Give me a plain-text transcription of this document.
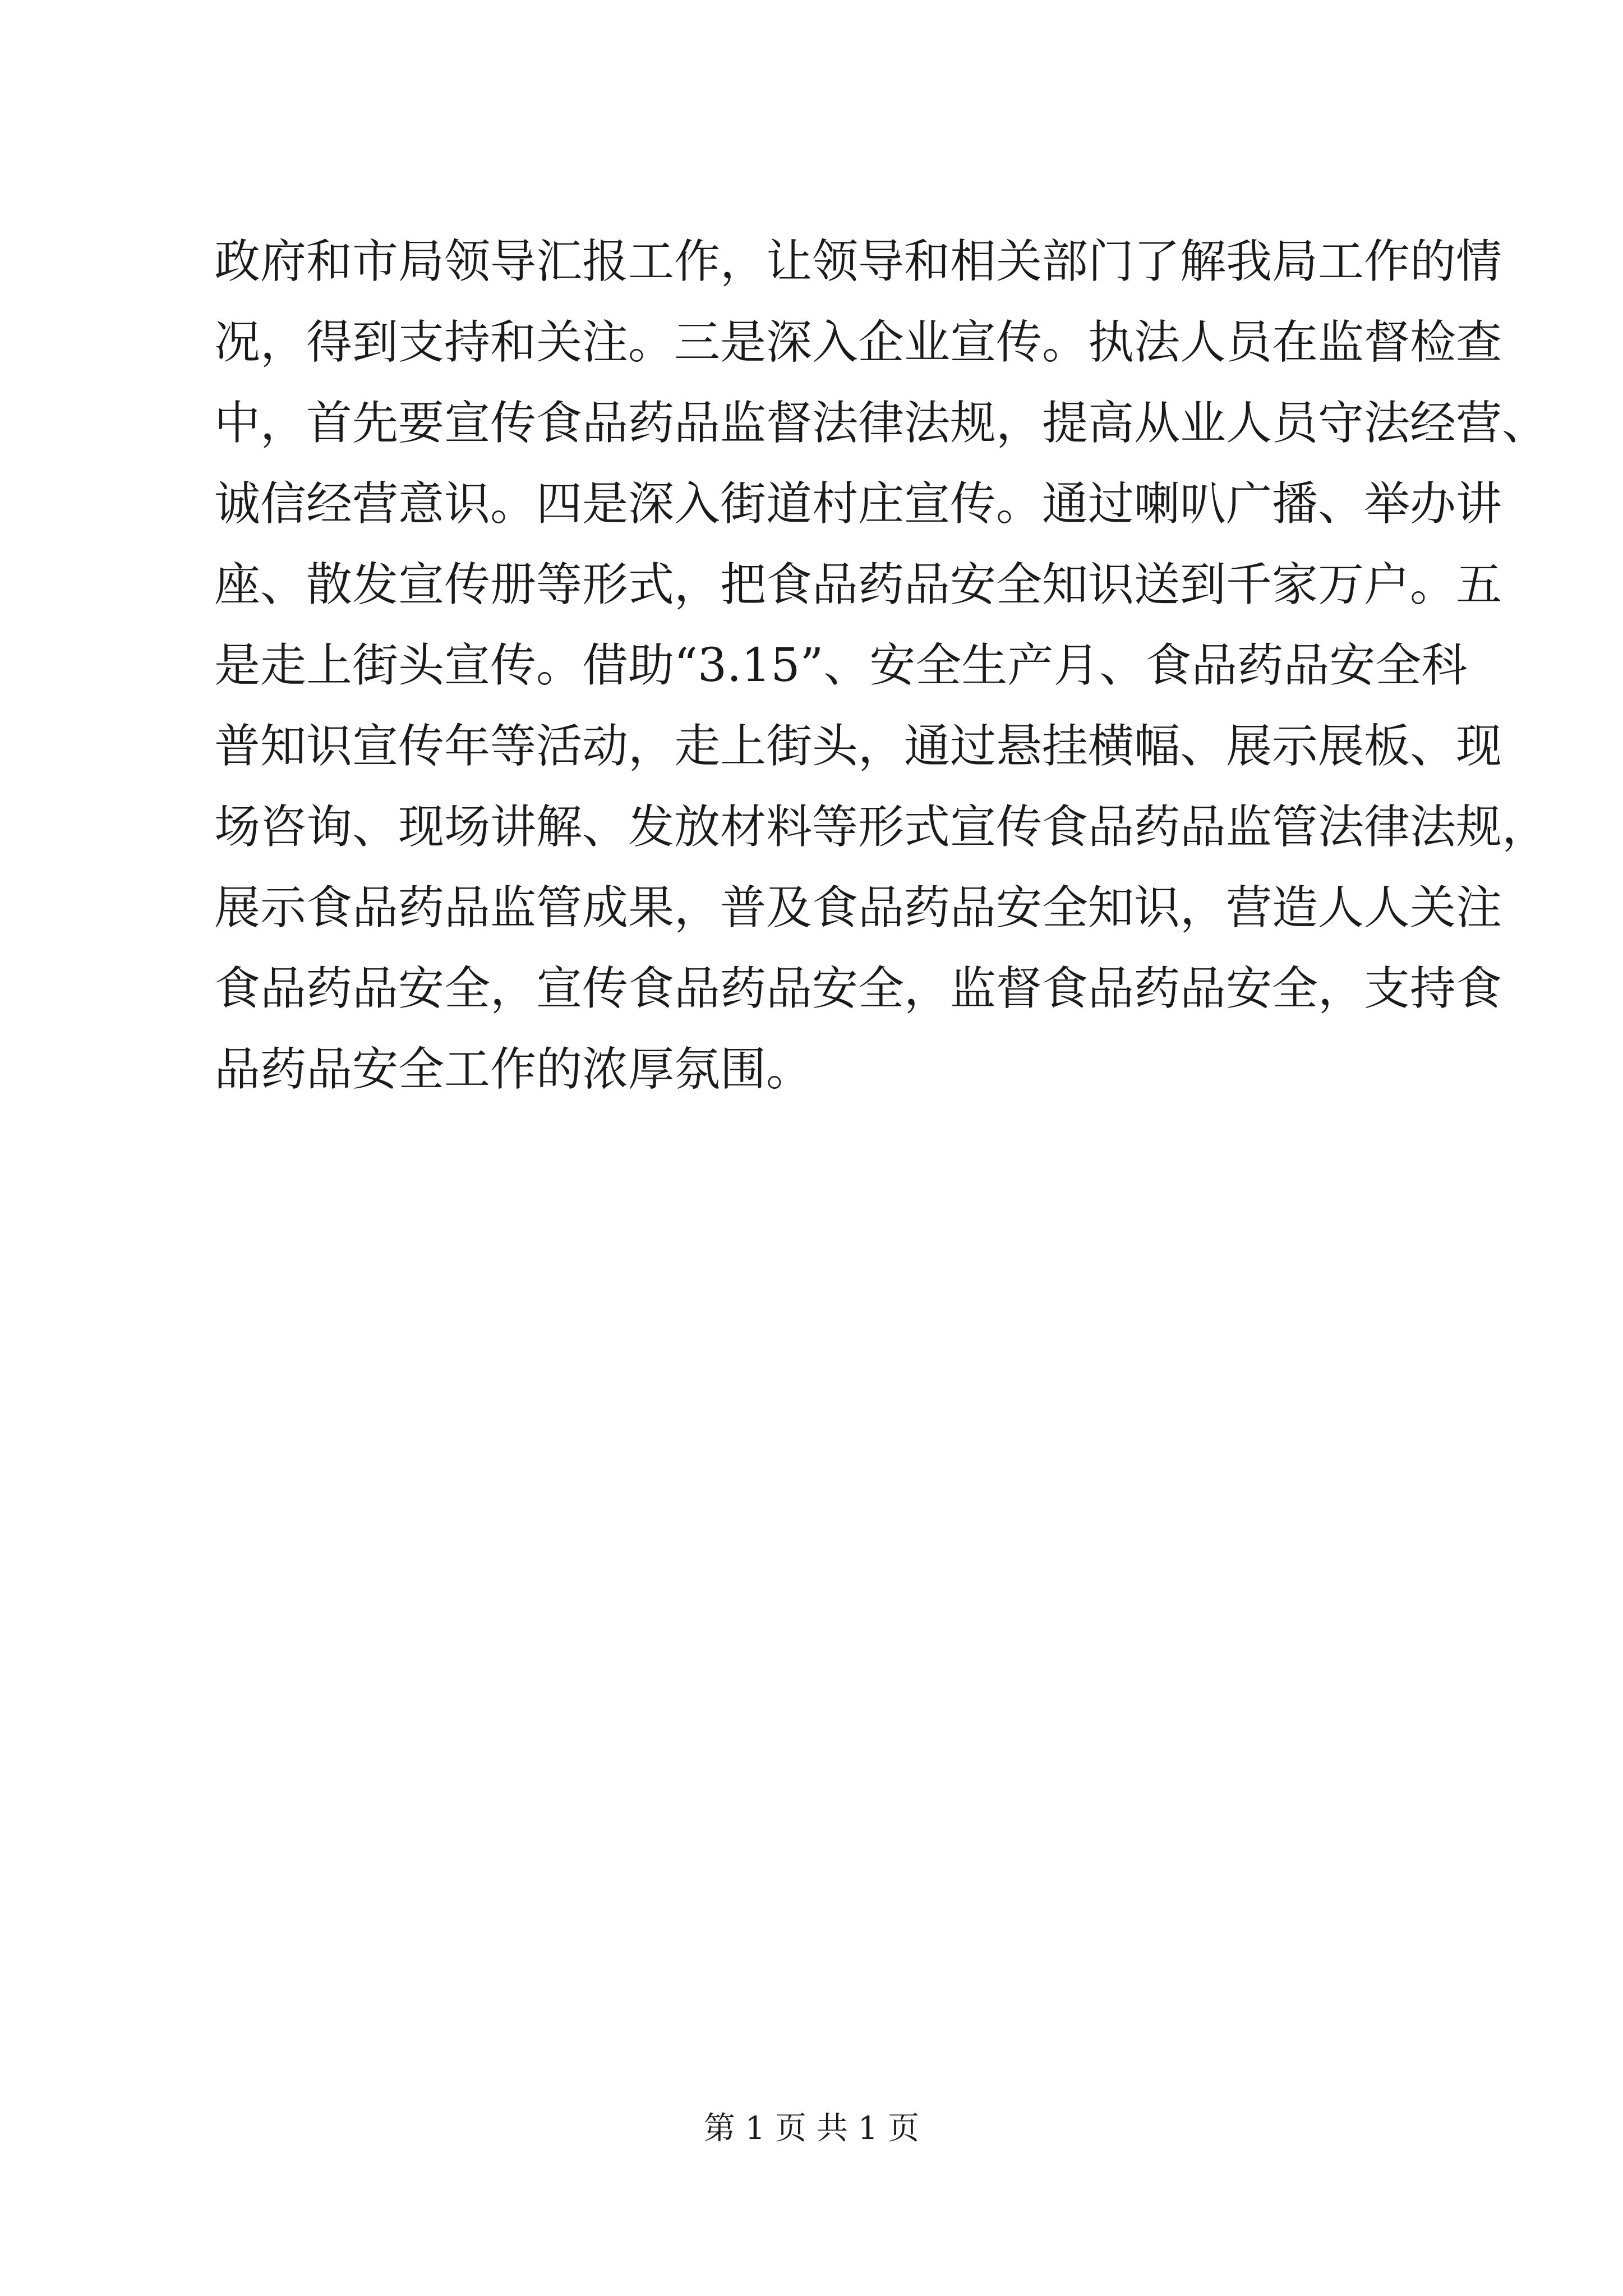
政府和市局领导汇报工作，让领导和相关部门了解我局工作的情
况，得到支持和关注。三是深入企业宣传。执法人员在监督检查
中，首先要宣传食品药品监督法律法规，提高从业人员守法经营、
诚信经营意识。四是深入街道村庄宣传。通过喇叭广播、举办讲
座、散发宣传册等形式，把食品药品安全知识送到千家万户。五
是走上街头宣传。借助“3.15”、安全生产月、食品药品安全科
普知识宣传年等活动，走上街头，通过悬挂横幅、展示展板、现
场咨询、现场讲解、发放材料等形式宣传食品药品监管法律法规，
展示食品药品监管成果，普及食品药品安全知识，营造人人关注
食品药品安全，宣传食品药品安全，监督食品药品安全，支持食
品药品安全工作的浓厚氛围。
第 1 页 共 1 页
